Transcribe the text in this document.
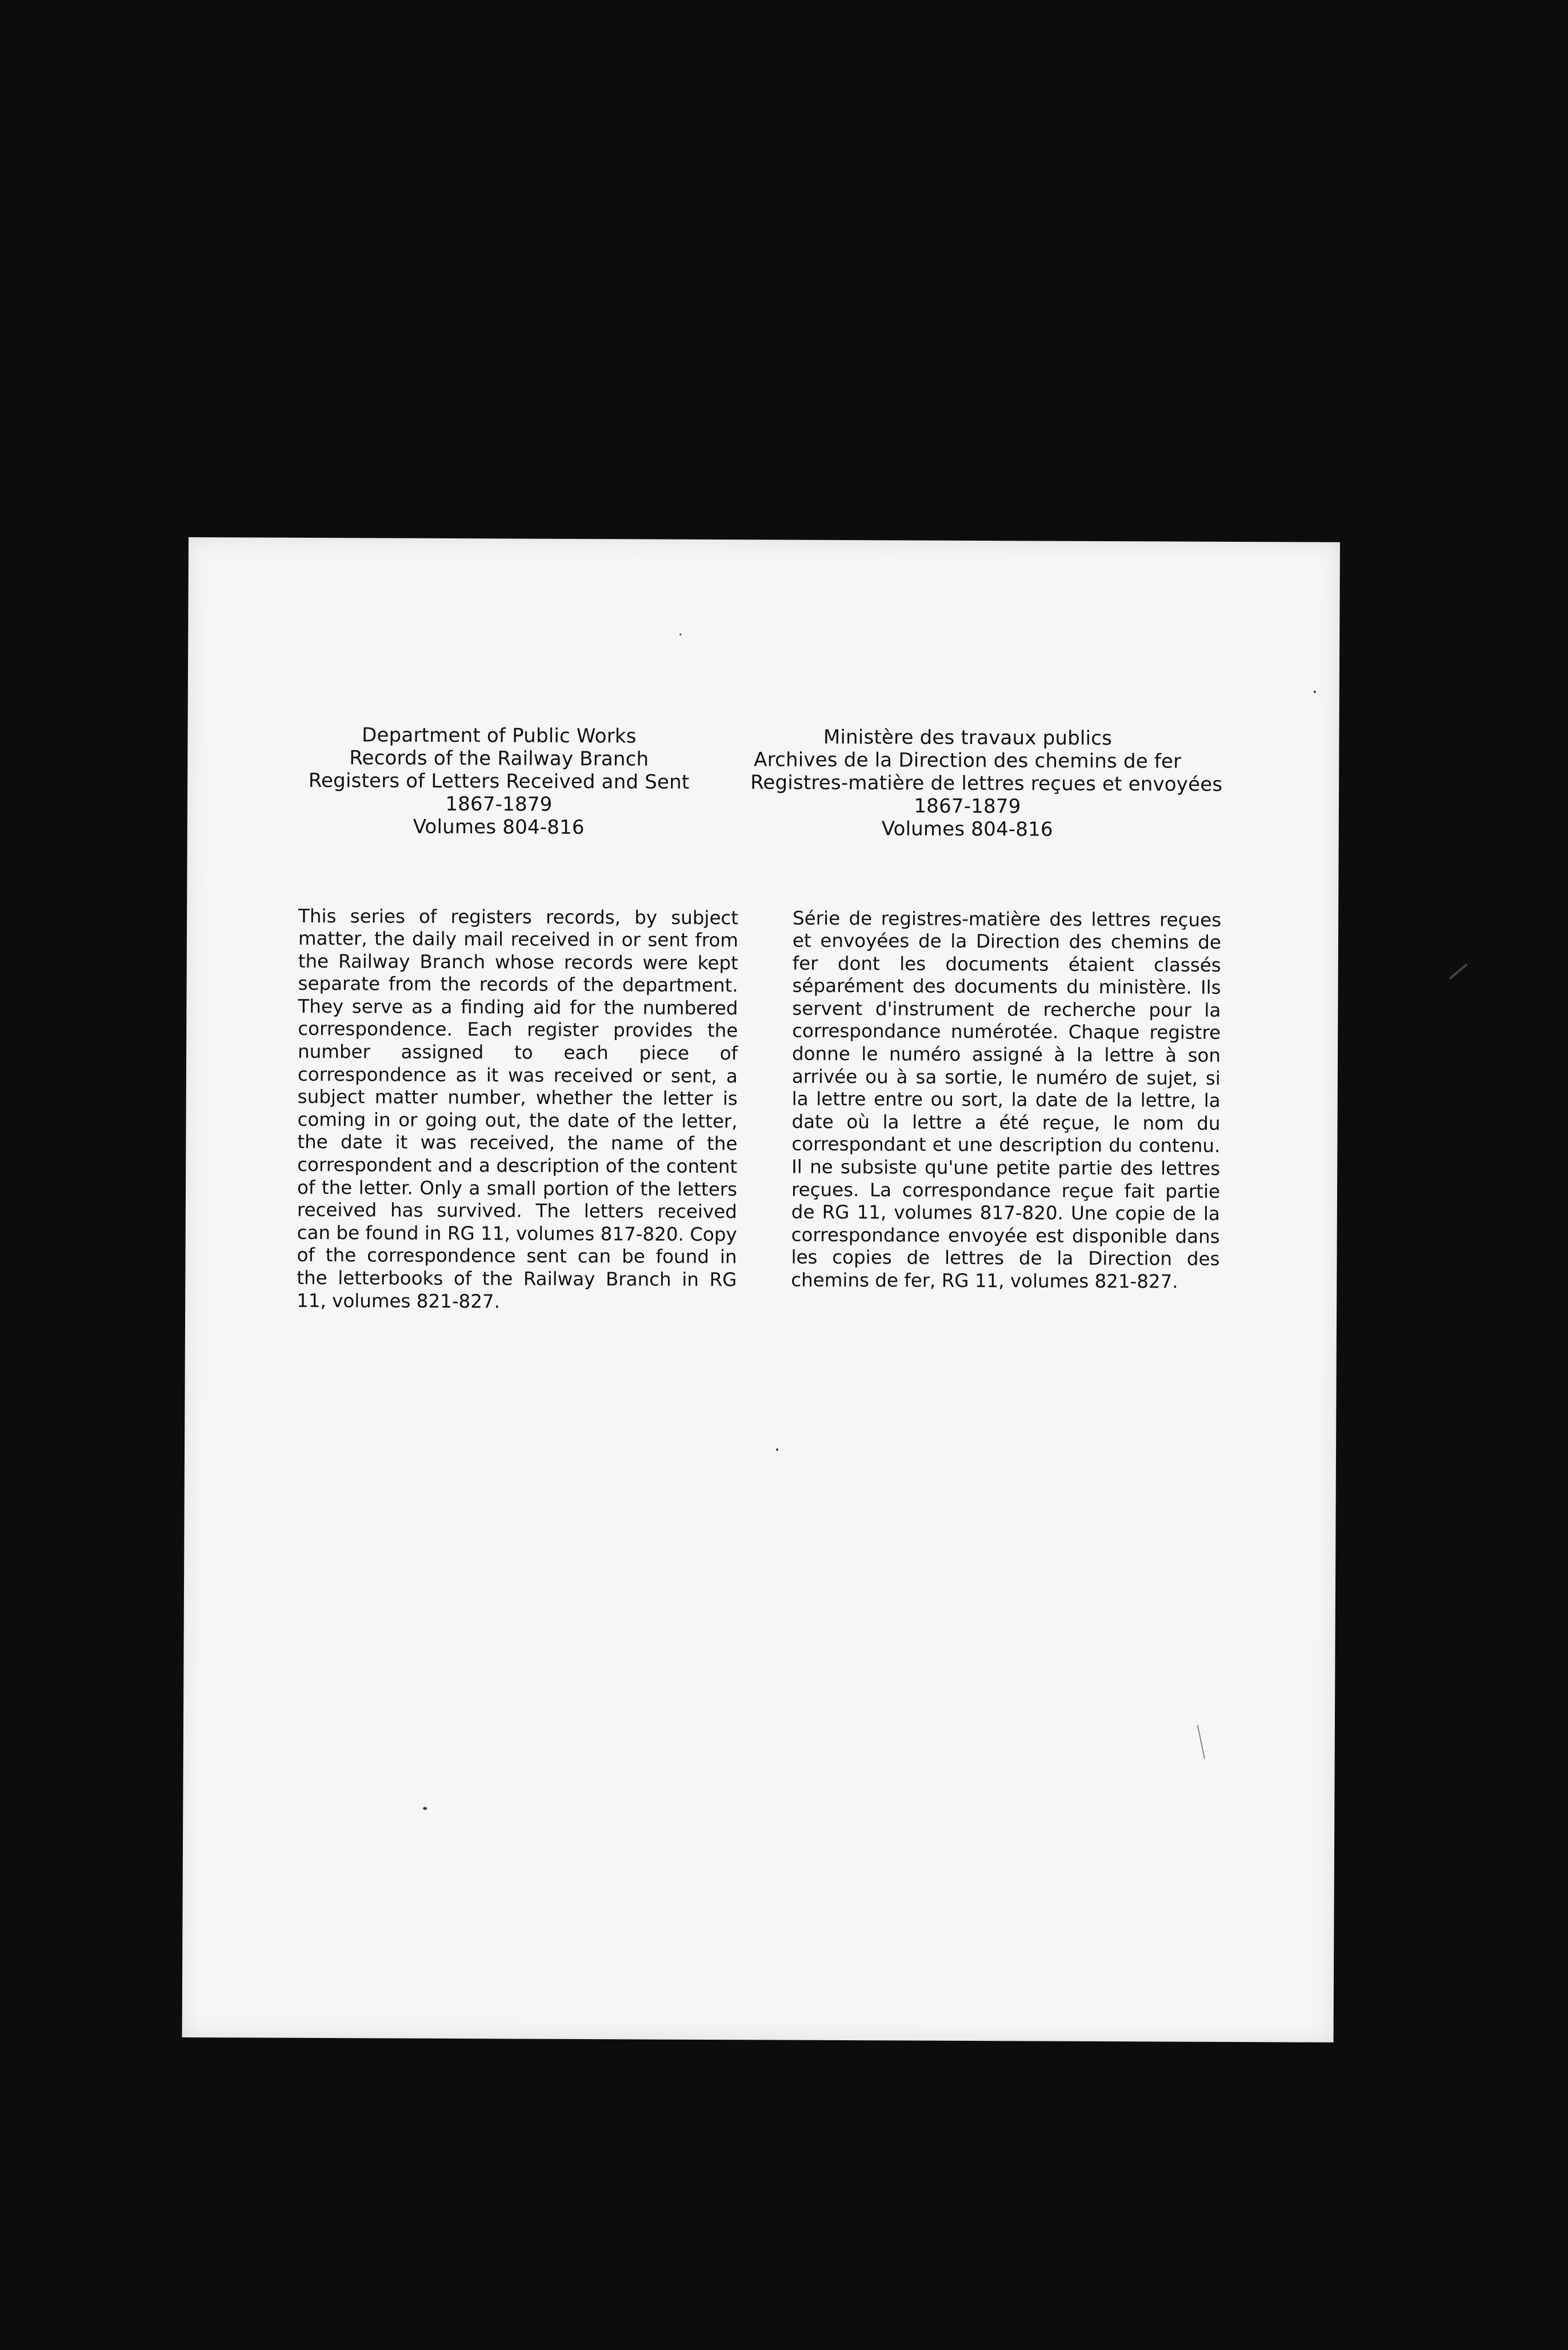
Department of Public Works
Records of the Railway Branch
Registers of Letters Received and Sent
1867-1879
Volumes 804-816
Ministère des travaux publics
Archives de la Direction des chemins de fer
Registres-matière de lettres reçues et envoyées
1867-1879
Volumes 804-816

This series of registers records, by subject matter, the daily mail received in or sent from the Railway Branch whose records were kept separate from the records of the department. They serve as a finding aid for the numbered correspondence. Each register provides the number assigned to each piece of correspondence as it was received or sent, a subject matter number, whether the letter is coming in or going out, the date of the letter, the date it was received, the name of the correspondent and a description of the content of the letter. Only a small portion of the letters received has survived. The letters received can be found in RG 11, volumes 817-820. Copy of the correspondence sent can be found in the letterbooks of the Railway Branch in RG 11, volumes 821-827.

Série de registres-matière des lettres reçues et envoyées de la Direction des chemins de fer dont les documents étaient classés séparément des documents du ministère. Ils servent d'instrument de recherche pour la correspondance numérotée. Chaque registre donne le numéro assigné à la lettre à son arrivée ou à sa sortie, le numéro de sujet, si la lettre entre ou sort, la date de la lettre, la date où la lettre a été reçue, le nom du correspondant et une description du contenu. Il ne subsiste qu'une petite partie des lettres reçues. La correspondance reçue fait partie de RG 11, volumes 817-820. Une copie de la correspondance envoyée est disponible dans les copies de lettres de la Direction des chemins de fer, RG 11, volumes 821-827.
